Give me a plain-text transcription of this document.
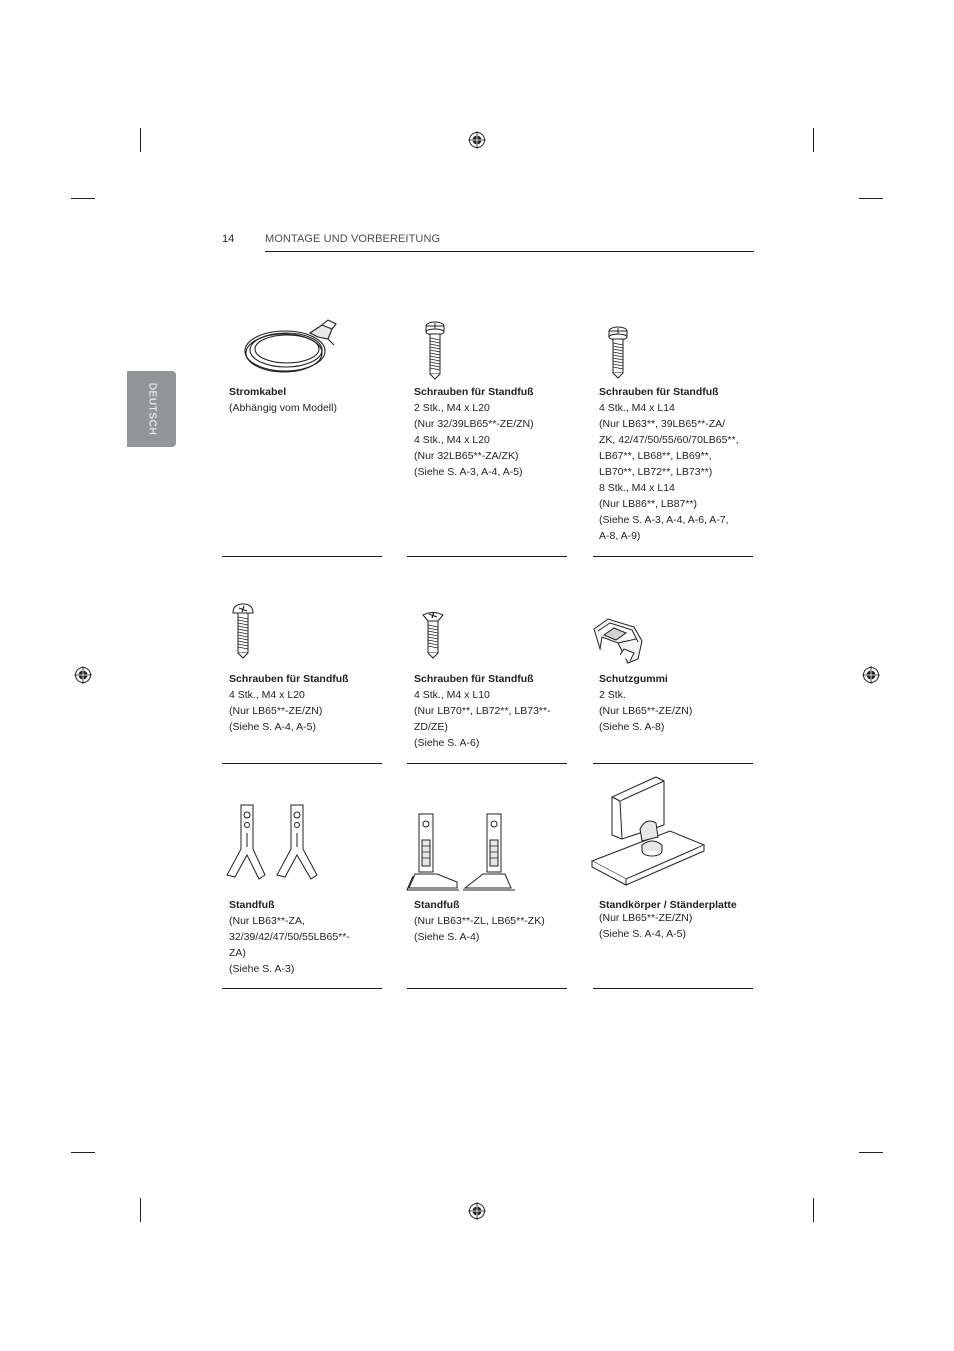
14	MONTAGE UND VORBEREITUNG
DEUTSCH	Stromkabel
(Abhängig vom Modell)
Schrauben für Standfuß
2 Stk., M4 x L20
(Nur 32/39LB65**-ZE/ZN)
4 Stk., M4 x L20
(Nur 32LB65**-ZA/ZK)
(Siehe S. A-3, A-4, A-5)
Schrauben für Standfuß
4 Stk., M4 x L14
(Nur LB63**, 39LB65**-ZA/
ZK, 42/47/50/55/60/70LB65**,
LB67**, LB68**, LB69**,
LB70**, LB72**, LB73**)
8 Stk., M4 x L14
(Nur LB86**, LB87**)
(Siehe S. A-3, A-4, A-6, A-7,
A-8, A-9)
Schrauben für Standfuß
4 Stk., M4 x L20
(Nur LB65**-ZE/ZN)
(Siehe S. A-4, A-5)
Schrauben für Standfuß
4 Stk., M4 x L10
(Nur LB70**, LB72**, LB73**-
ZD/ZE)
(Siehe S. A-6)
Schutzgummi
2 Stk.
(Nur LB65**-ZE/ZN)
(Siehe S. A-8)
Standfuß
(Nur LB63**-ZA,
32/39/42/47/50/55LB65**-
ZA)
(Siehe S. A-3)
Standfuß
(Nur LB63**-ZL, LB65**-ZK)
(Siehe S. A-4)
Standkörper / Ständerplatte
(Nur LB65**-ZE/ZN)
(Siehe S. A-4, A-5)
